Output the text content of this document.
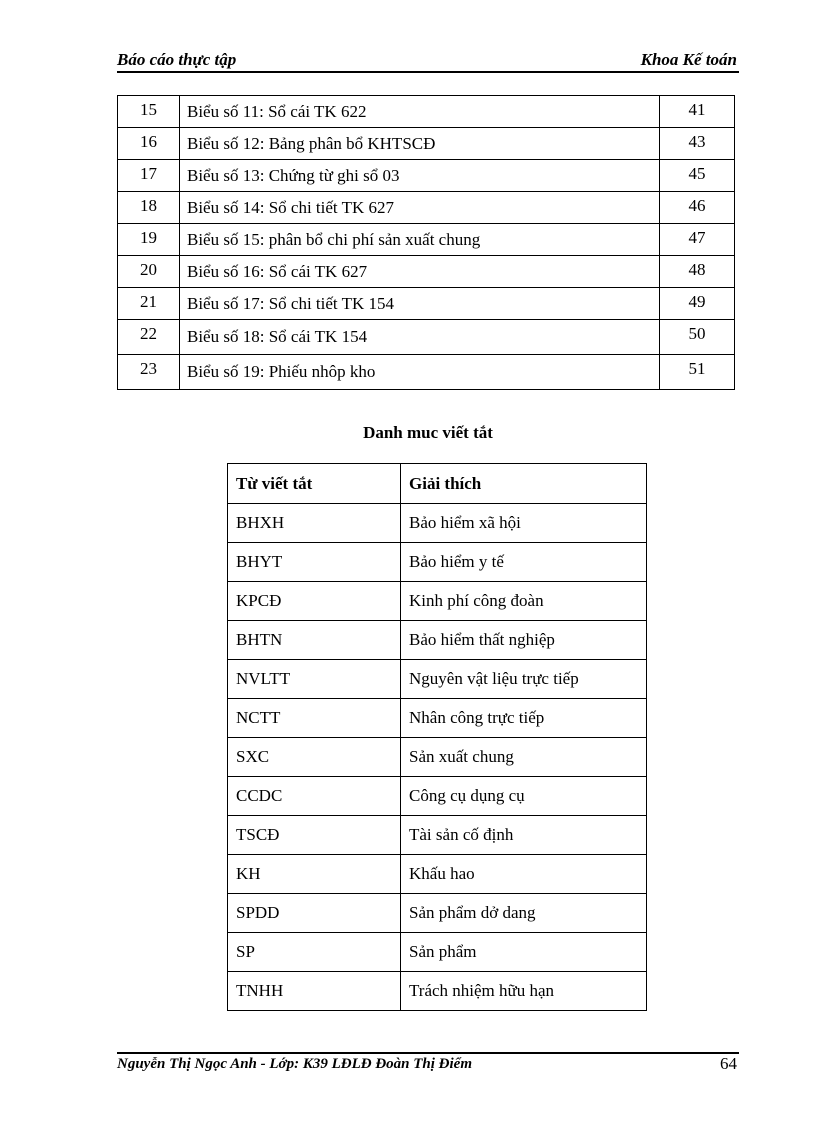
Báo cáo thực tập	Khoa Kế toán
15	Biểu số 11: Sổ cái TK 622	41
16	Biểu số 12: Bảng phân bổ KHTSCĐ	43
17	Biểu số 13: Chứng từ ghi sổ 03	45
18	Biểu số 14: Sổ chi tiết TK 627	46
19	Biểu số 15: phân bổ chi phí sản xuất chung	47
20	Biểu số 16: Sổ cái TK 627	48
21	Biểu số 17: Sổ chi tiết TK 154	49
22	Biểu số 18: Sổ cái TK 154	50
23	Biểu số 19: Phiếu nhôp kho	51
Danh muc viết tắt
Từ viết tắt	Giải thích
BHXH	Bảo hiểm xã hội
BHYT	Bảo hiểm y tế
KPCĐ	Kinh phí công đoàn
BHTN	Bảo hiểm thất nghiệp
NVLTT	Nguyên vật liệu trực tiếp
NCTT	Nhân công trực tiếp
SXC	Sản xuất chung
CCDC	Công cụ dụng cụ
TSCĐ	Tài sản cố định
KH	Khấu hao
SPDD	Sản phẩm dở dang
SP	Sản phẩm
TNHH	Trách nhiệm hữu hạn
Nguyễn Thị Ngọc Anh - Lớp: K39 LĐLĐ Đoàn Thị Điểm	64
